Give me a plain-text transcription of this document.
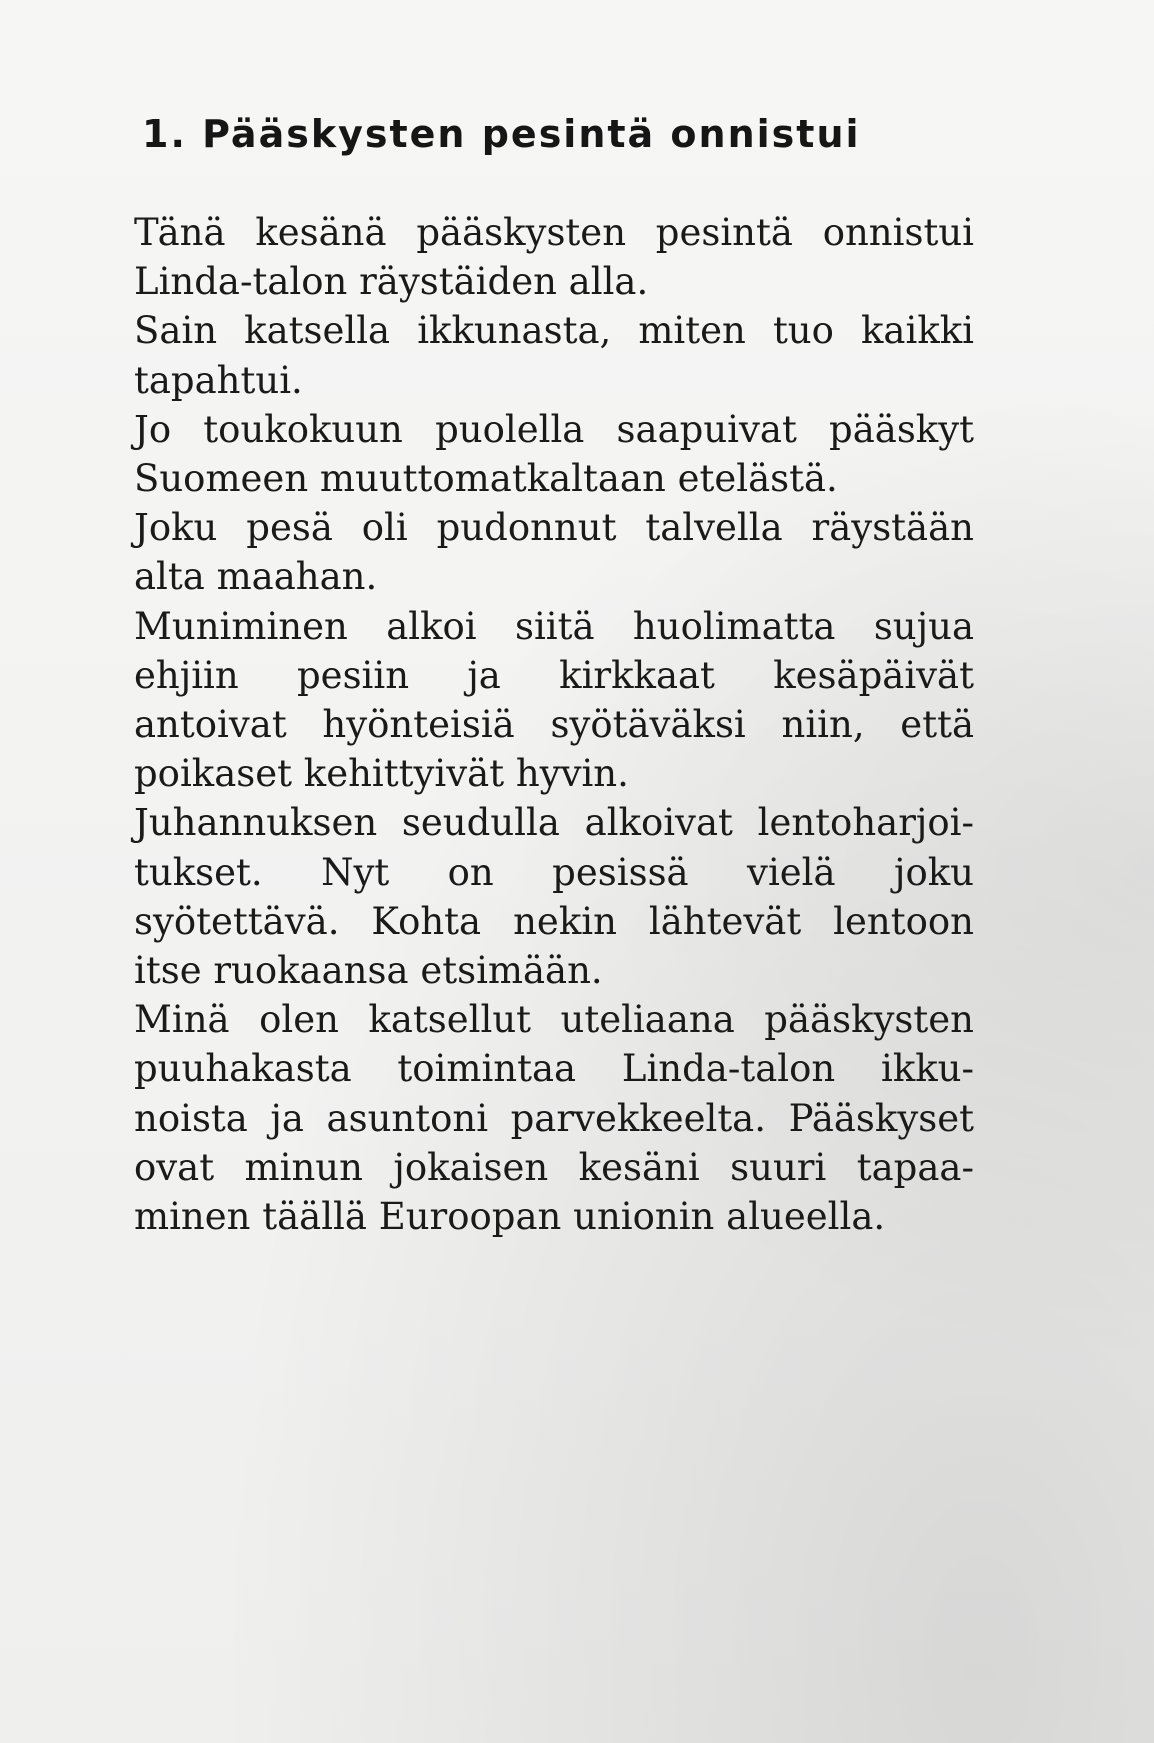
1. Pääskysten pesintä onnistui
Tänä kesänä pääskysten pesintä onnistui
Linda-talon räystäiden alla.
Sain katsella ikkunasta, miten tuo kaikki
tapahtui.
Jo toukokuun puolella saapuivat pääskyt
Suomeen muuttomatkaltaan etelästä.
Joku pesä oli pudonnut talvella räystään
alta maahan.
Muniminen alkoi siitä huolimatta sujua
ehjiin pesiin ja kirkkaat kesäpäivät
antoivat hyönteisiä syötäväksi niin, että
poikaset kehittyivät hyvin.
Juhannuksen seudulla alkoivat lentoharjoi-
tukset. Nyt on pesissä vielä joku
syötettävä. Kohta nekin lähtevät lentoon
itse ruokaansa etsimään.
Minä olen katsellut uteliaana pääskysten
puuhakasta toimintaa Linda-talon ikku-
noista ja asuntoni parvekkeelta. Pääskyset
ovat minun jokaisen kesäni suuri tapaa-
minen täällä Euroopan unionin alueella.
